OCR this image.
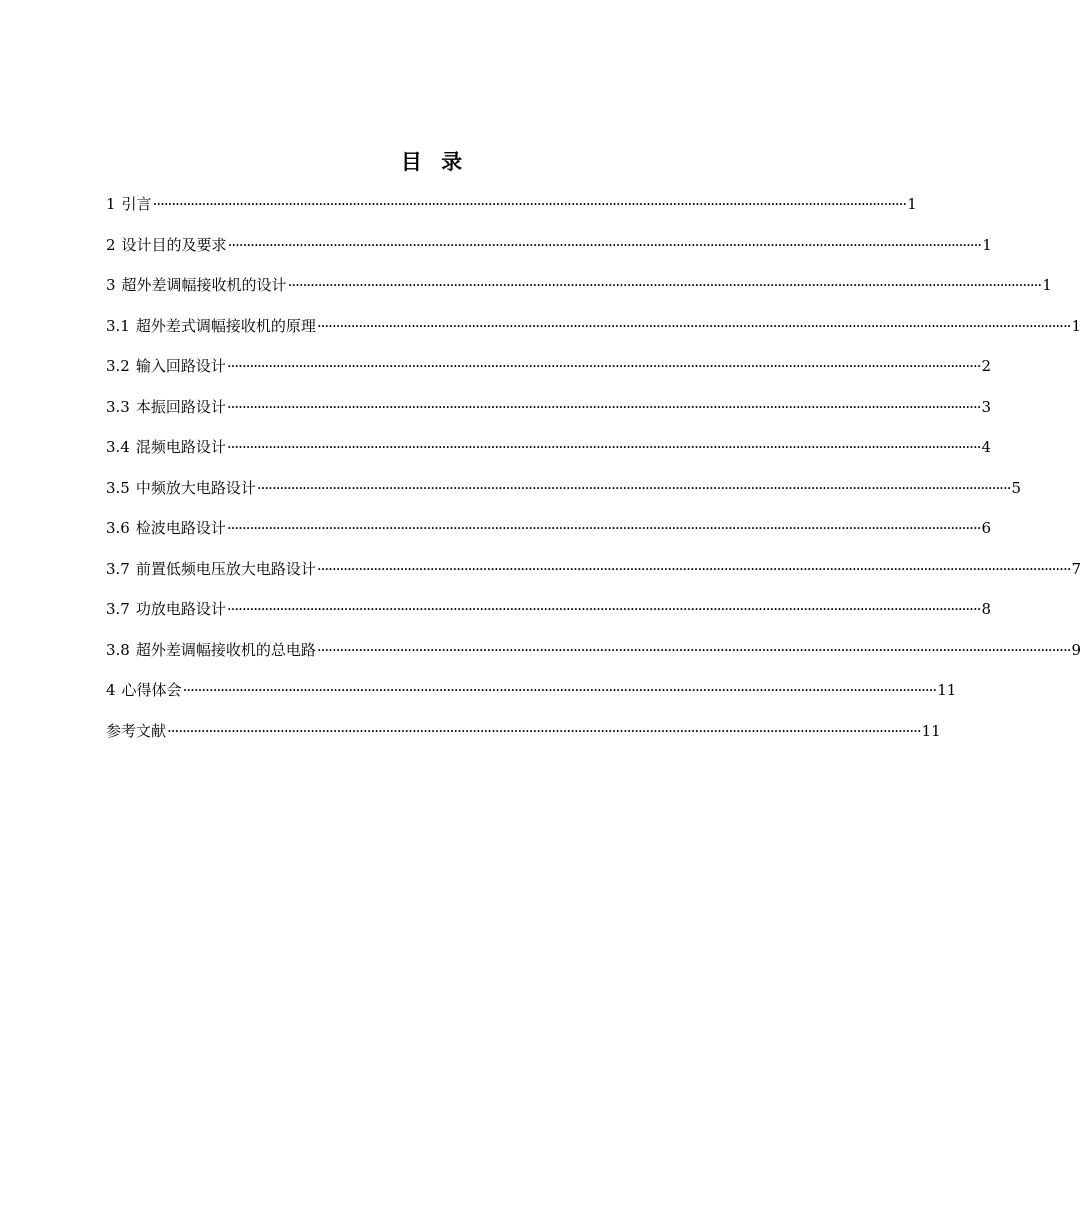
目 录
1 引言 ········································································································································································································ 1
2 设计目的及要求 ········································································································································································································ 1
3 超外差调幅接收机的设计 ········································································································································································································ 1
3.1 超外差式调幅接收机的原理 ········································································································································································································ 1
3.2 输入回路设计 ········································································································································································································ 2
3.3 本振回路设计 ········································································································································································································ 3
3.4 混频电路设计 ········································································································································································································ 4
3.5 中频放大电路设计 ········································································································································································································ 5
3.6 检波电路设计 ········································································································································································································ 6
3.7 前置低频电压放大电路设计 ········································································································································································································ 7
3.7 功放电路设计 ········································································································································································································ 8
3.8 超外差调幅接收机的总电路 ········································································································································································································ 9
4 心得体会 ········································································································································································································ 11
参考文献 ········································································································································································································ 11
